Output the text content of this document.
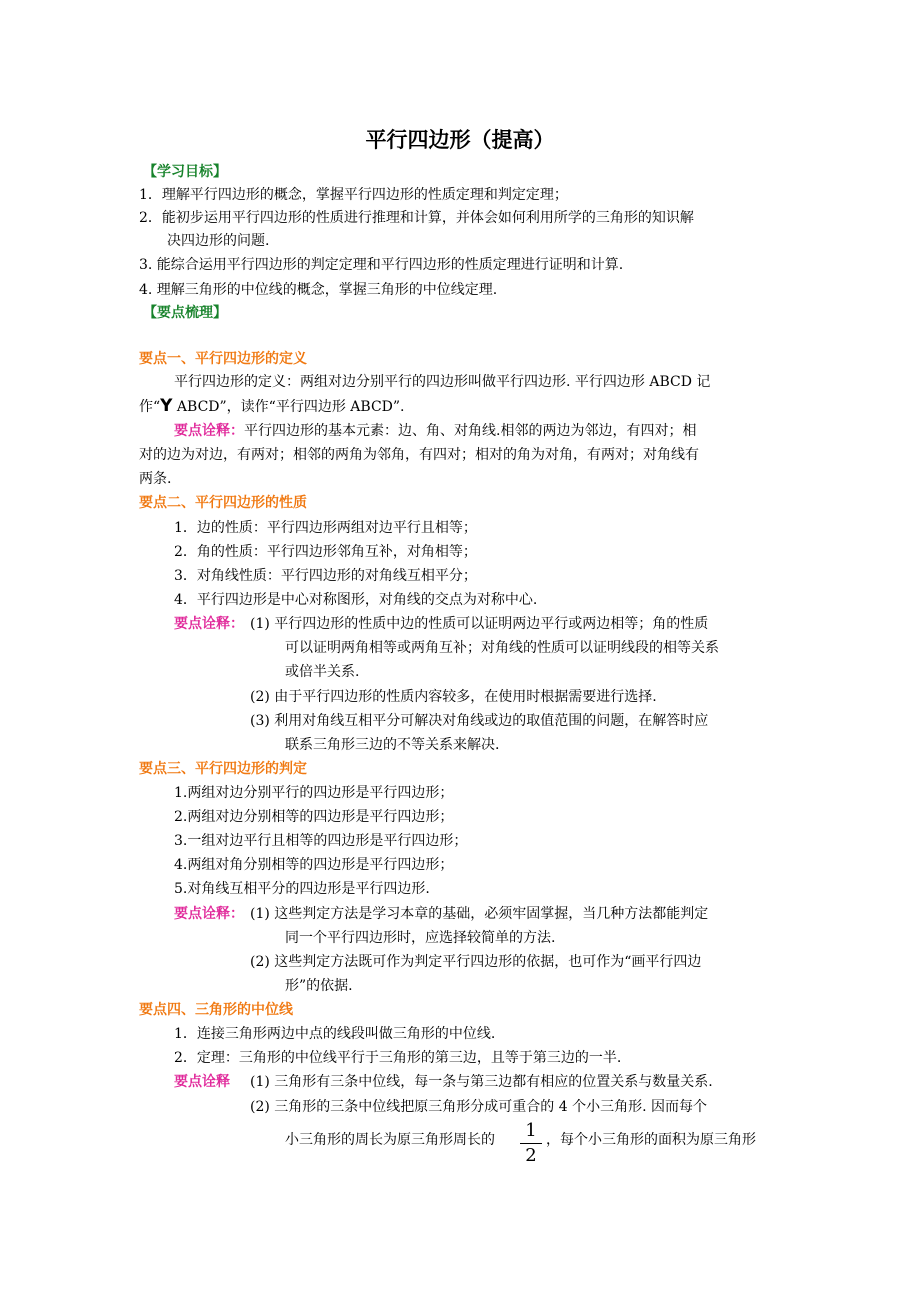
平行四边形（提高）
【学习目标】
1．理解平行四边形的概念，掌握平行四边形的性质定理和判定定理；
2．能初步运用平行四边形的性质进行推理和计算，并体会如何利用所学的三角形的知识解
决四边形的问题.
3. 能综合运用平行四边形的判定定理和平行四边形的性质定理进行证明和计算.
4. 理解三角形的中位线的概念，掌握三角形的中位线定理.
【要点梳理】
要点一、平行四边形的定义
平行四边形的定义：两组对边分别平行的四边形叫做平行四边形. 平行四边形 ABCD 记
作“Y ABCD”，读作“平行四边形 ABCD”.
要点诠释：平行四边形的基本元素：边、角、对角线.相邻的两边为邻边，有四对；相
对的边为对边，有两对；相邻的两角为邻角，有四对；相对的角为对角，有两对；对角线有
两条.
要点二、平行四边形的性质
1．边的性质：平行四边形两组对边平行且相等；
2．角的性质：平行四边形邻角互补，对角相等；
3．对角线性质：平行四边形的对角线互相平分；
4．平行四边形是中心对称图形，对角线的交点为对称中心.
要点诠释： (1) 平行四边形的性质中边的性质可以证明两边平行或两边相等；角的性质
可以证明两角相等或两角互补；对角线的性质可以证明线段的相等关系
或倍半关系.
(2) 由于平行四边形的性质内容较多，在使用时根据需要进行选择.
(3) 利用对角线互相平分可解决对角线或边的取值范围的问题，在解答时应
联系三角形三边的不等关系来解决.
要点三、平行四边形的判定
1.两组对边分别平行的四边形是平行四边形；
2.两组对边分别相等的四边形是平行四边形；
3.一组对边平行且相等的四边形是平行四边形；
4.两组对角分别相等的四边形是平行四边形；
5.对角线互相平分的四边形是平行四边形.
要点诠释： (1) 这些判定方法是学习本章的基础，必须牢固掌握，当几种方法都能判定
同一个平行四边形时，应选择较简单的方法.
(2) 这些判定方法既可作为判定平行四边形的依据，也可作为“画平行四边
形”的依据.
要点四、三角形的中位线
1．连接三角形两边中点的线段叫做三角形的中位线.
2．定理：三角形的中位线平行于三角形的第三边，且等于第三边的一半.
要点诠释 (1) 三角形有三条中位线，每一条与第三边都有相应的位置关系与数量关系.
(2) 三角形的三条中位线把原三角形分成可重合的 4 个小三角形. 因而每个
小三角形的周长为原三角形周长的 1
2
，每个小三角形的面积为原三角形
